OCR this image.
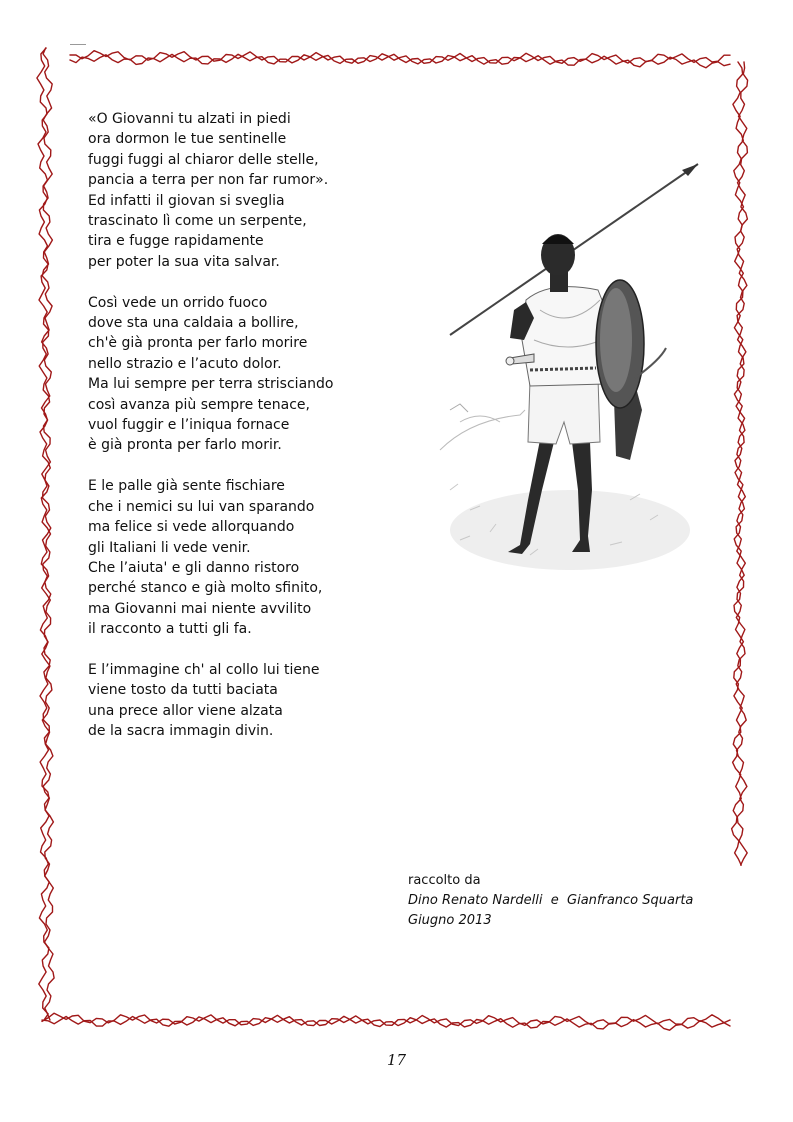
«O Giovanni tu alzati in piedi
ora dormon le tue sentinelle
fuggi fuggi al chiaror delle stelle,
pancia a terra per non far rumor».
Ed infatti il giovan si sveglia
trascinato lì come un serpente,
tira e fugge rapidamente
per poter la sua vita salvar.
Così vede un orrido fuoco
dove sta una caldaia a bollire,
ch'è già pronta per farlo morire
nello strazio e l’acuto dolor.
Ma lui sempre per terra strisciando
così avanza più sempre tenace,
vuol fuggir e l’iniqua fornace
è già pronta per farlo morir.
E le palle già sente fischiare
che i nemici su lui van sparando
ma felice si vede allorquando
gli Italiani li vede venir.
Che l’aiuta' e gli danno ristoro
perché stanco e già molto sfinito,
ma Giovanni mai niente avvilito
il racconto a tutti gli fa.
E l’immagine ch' al collo lui tiene
viene tosto da tutti baciata
una prece allor viene alzata
de la sacra immagin divin.
raccolto da
Dino Renato Nardelli  e  Gianfranco Squarta
Giugno 2013
17
